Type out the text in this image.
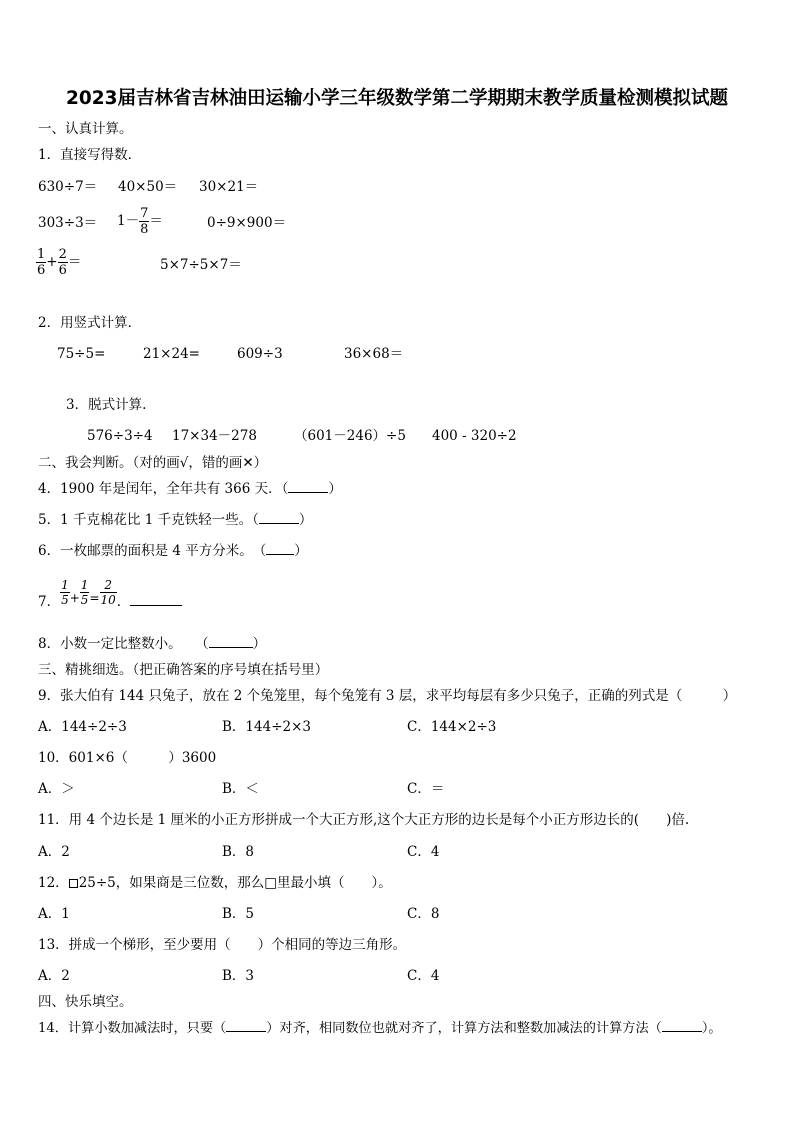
2023届吉林省吉林油田运输小学三年级数学第二学期期末教学质量检测模拟试题
一、认真计算。
1．直接写得数．
630÷7＝ 40×50＝ 30×21＝
$303\div 3= 1- \frac{7}{8}$ ＝	0÷9×900＝
$\frac{1}{6} + \frac{2}{6}$ ＝	5×7÷5×7＝
2．用竖式计算．
75÷5=	21×24=	609÷3	36×68＝
3．脱式计算.
576÷3÷4 17×34－278	（601－246）÷5 400 - 320÷2
二、我会判断。（对的画√，错的画✕）
4．1900 年是闰年，全年共有 366 天．（	）
5．1 千克棉花比 1 千克铁轻一些。（	）
6．一枚邮票的面积是 4 平方分米。　（ ）
7． $\frac{1}{5} + \frac{1}{5} = \frac{2}{10}$ ．
8．小数一定比整数小。　　（	）
三、精挑细选。（把正确答案的序号填在括号里）
9．张大伯有 144 只兔子，放在 2 个兔笼里，每个兔笼有 3 层，求平均每层有多少只兔子，正确的列式是（　　　）
A．144÷2÷3	B．144÷2×3	C．144×2÷3
10．601×6（　　　）3600
A．＞	B．＜	C．＝
11．用 4 个边长是 1 厘米的小正方形拼成一个大正方形,这个大正方形的边长是每个小正方形边长的(　　)倍.
A．2	B．8	C．4
12． 25÷5，如果商是三位数，那么□里最小填（　　）。
A．1	B．5	C．8
13．拼成一个梯形，至少要用（　　）个相同的等边三角形。
A．2	B．3	C．4
四、快乐填空。
14．计算小数加减法时，只要（	）对齐，相同数位也就对齐了，计算方法和整数加减法的计算方法（	）。
